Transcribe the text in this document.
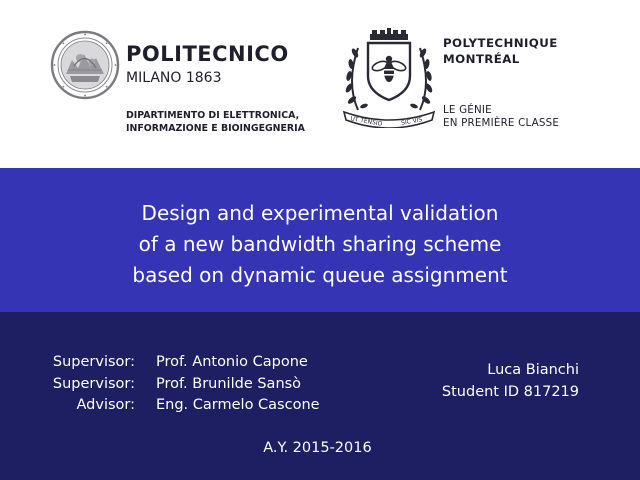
POLITECNICO
MILANO 1863
DIPARTIMENTO DI ELETTRONICA,
INFORMAZIONE E BIOINGEGNERIA
UT TENSIO	SIC VIS
POLYTECHNIQUE
MONTRÉAL
LE GÉNIE
EN PREMIÈRE CLASSE
Design and experimental validation
of a new bandwidth sharing scheme
based on dynamic queue assignment
Supervisor:
Supervisor:
Advisor:
Prof. Antonio Capone
Prof. Brunilde Sansò
Eng. Carmelo Cascone
Luca Bianchi
Student ID 817219
A.Y. 2015-2016
